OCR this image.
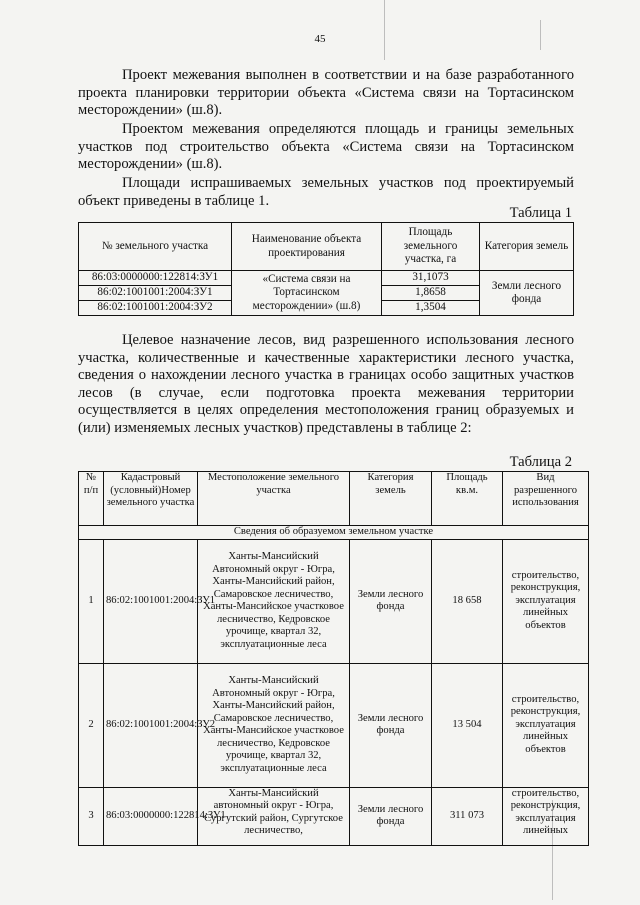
45

Проект межевания выполнен в соответствии и на базе разработанного проекта планировки территории объекта «Система связи на Тортасинском месторождении» (ш.8).

Проектом межевания определяются площадь и границы земельных участков под строительство объекта «Система связи на Тортасинском месторождении» (ш.8).

Площади испрашиваемых земельных участков под проектируемый объект приведены в таблице 1.

Таблица 1
№ земельного участка	Наименование объекта проектирования	Площадь земельного участка, га	Категория земель
86:03:0000000:122814:ЗУ1	«Система связи на Тортасинском месторождении» (ш.8)	31,1073	Земли лесного фонда
86:02:1001001:2004:ЗУ1		1,8658	
86:02:1001001:2004:ЗУ2		1,3504	

Целевое назначение лесов, вид разрешенного использования лесного участка, количественные и качественные характеристики лесного участка, сведения о нахождении лесного участка в границах особо защитных участков лесов (в случае, если подготовка проекта межевания территории осуществляется в целях определения местоположения границ образуемых и (или) изменяемых лесных участков) представлены в таблице 2:

Таблица 2
№ п/п	Кадастровый (условный)Номер земельного участка	Местоположение земельного участка	Категория земель	Площадь кв.м.	Вид разрешенного использования
Сведения об образуемом земельном участке					
1	86:02:1001001:2004:ЗУ1	Ханты-Мансийский Автономный округ - Югра, Ханты-Мансийский район, Самаровское лесничество, Ханты-Мансийское участковое лесничество, Кедровское урочище, квартал 32, эксплуатационные леса	Земли лесного фонда	18 658	строительство, реконструкция, эксплуатация линейных объектов
2	86:02:1001001:2004:ЗУ2	Ханты-Мансийский Автономный округ - Югра, Ханты-Мансийский район, Самаровское лесничество, Ханты-Мансийское участковое лесничество, Кедровское урочище, квартал 32, эксплуатационные леса	Земли лесного фонда	13 504	строительство, реконструкция, эксплуатация линейных объектов
3	86:03:0000000:122814:ЗУ1	Ханты-Мансийский автономный округ - Югра, Сургутский район, Сургутское лесничество,	Земли лесного фонда	311 073	строительство, реконструкция, эксплуатация линейных
